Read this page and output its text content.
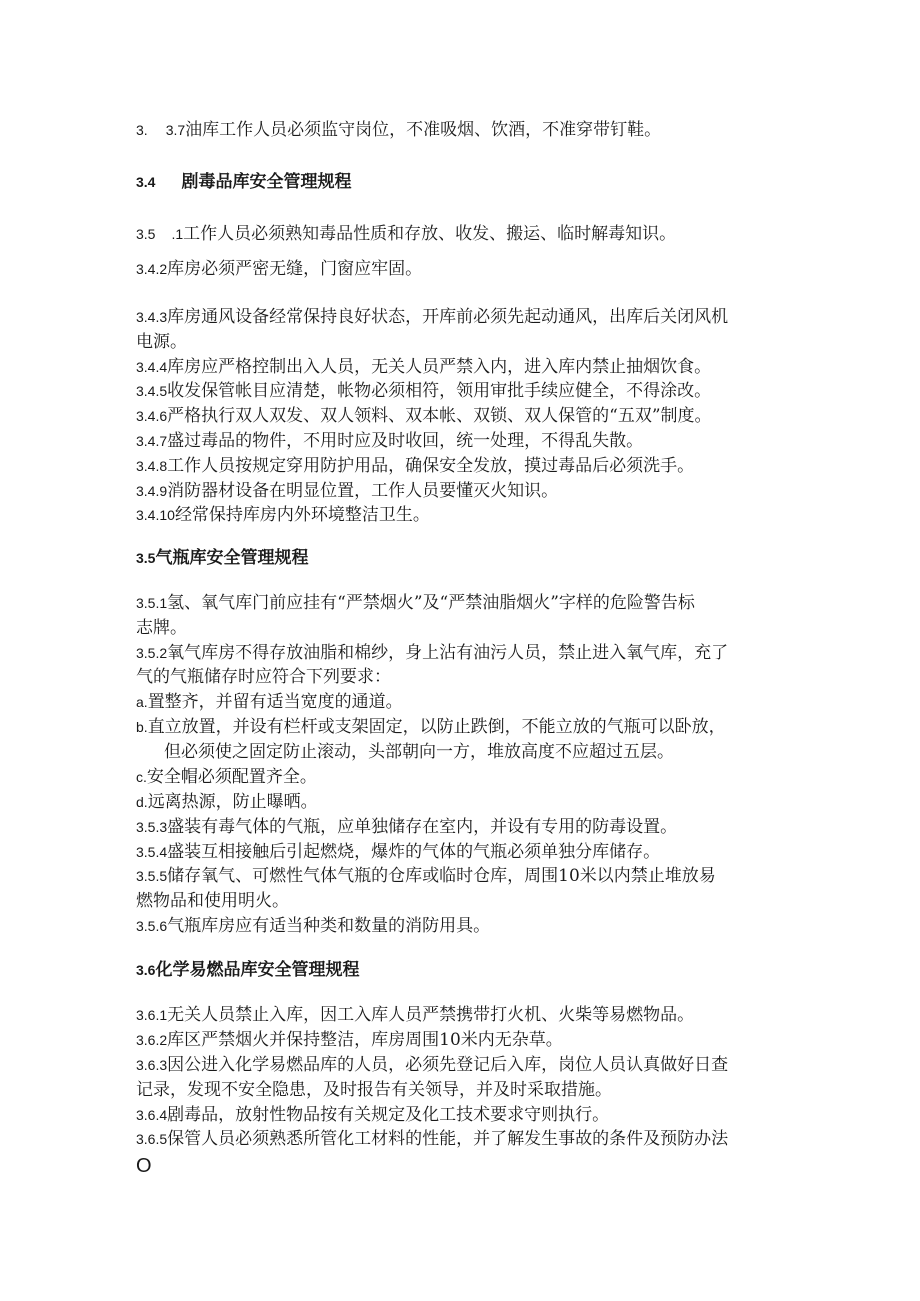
3. 3.7油库工作人员必须监守岗位，不准吸烟、饮酒，不准穿带钉鞋。
3.4 剧毒品库安全管理规程
3.5 .1工作人员必须熟知毒品性质和存放、收发、搬运、临时解毒知识。
3.4.2库房必须严密无缝，门窗应牢固。
3.4.3库房通风设备经常保持良好状态，开库前必须先起动通风，出库后关闭风机
电源。
3.4.4库房应严格控制出入人员，无关人员严禁入内，进入库内禁止抽烟饮食。
3.4.5收发保管帐目应清楚，帐物必须相符，领用审批手续应健全，不得涂改。
3.4.6严格执行双人双发、双人领料、双本帐、双锁、双人保管的“五双”制度。
3.4.7盛过毒品的物件，不用时应及时收回，统一处理，不得乱失散。
3.4.8工作人员按规定穿用防护用品，确保安全发放，摸过毒品后必须洗手。
3.4.9消防器材设备在明显位置，工作人员要懂灭火知识。
3.4.10经常保持库房内外环境整洁卫生。
3.5气瓶库安全管理规程
3.5.1氢、氧气库门前应挂有“严禁烟火”及“严禁油脂烟火”字样的危险警告标
志牌。
3.5.2氧气库房不得存放油脂和棉纱，身上沾有油污人员，禁止进入氧气库，充了
气的气瓶储存时应符合下列要求：
a.置整齐，并留有适当宽度的通道。
b.直立放置，并设有栏杆或支架固定，以防止跌倒，不能立放的气瓶可以卧放，
但必须使之固定防止滚动，头部朝向一方，堆放高度不应超过五层。
c.安全帽必须配置齐全。
d.远离热源，防止曝晒。
3.5.3盛装有毒气体的气瓶，应单独储存在室内，并设有专用的防毒设置。
3.5.4盛装互相接触后引起燃烧，爆炸的气体的气瓶必须单独分库储存。
3.5.5储存氧气、可燃性气体气瓶的仓库或临时仓库，周围10米以内禁止堆放易
燃物品和使用明火。
3.5.6气瓶库房应有适当种类和数量的消防用具。
3.6化学易燃品库安全管理规程
3.6.1无关人员禁止入库，因工入库人员严禁携带打火机、火柴等易燃物品。
3.6.2库区严禁烟火并保持整洁，库房周围10米内无杂草。
3.6.3因公进入化学易燃品库的人员，必须先登记后入库，岗位人员认真做好日查
记录，发现不安全隐患，及时报告有关领导，并及时采取措施。
3.6.4剧毒品，放射性物品按有关规定及化工技术要求守则执行。
3.6.5保管人员必须熟悉所管化工材料的性能，并了解发生事故的条件及预防办法
O
